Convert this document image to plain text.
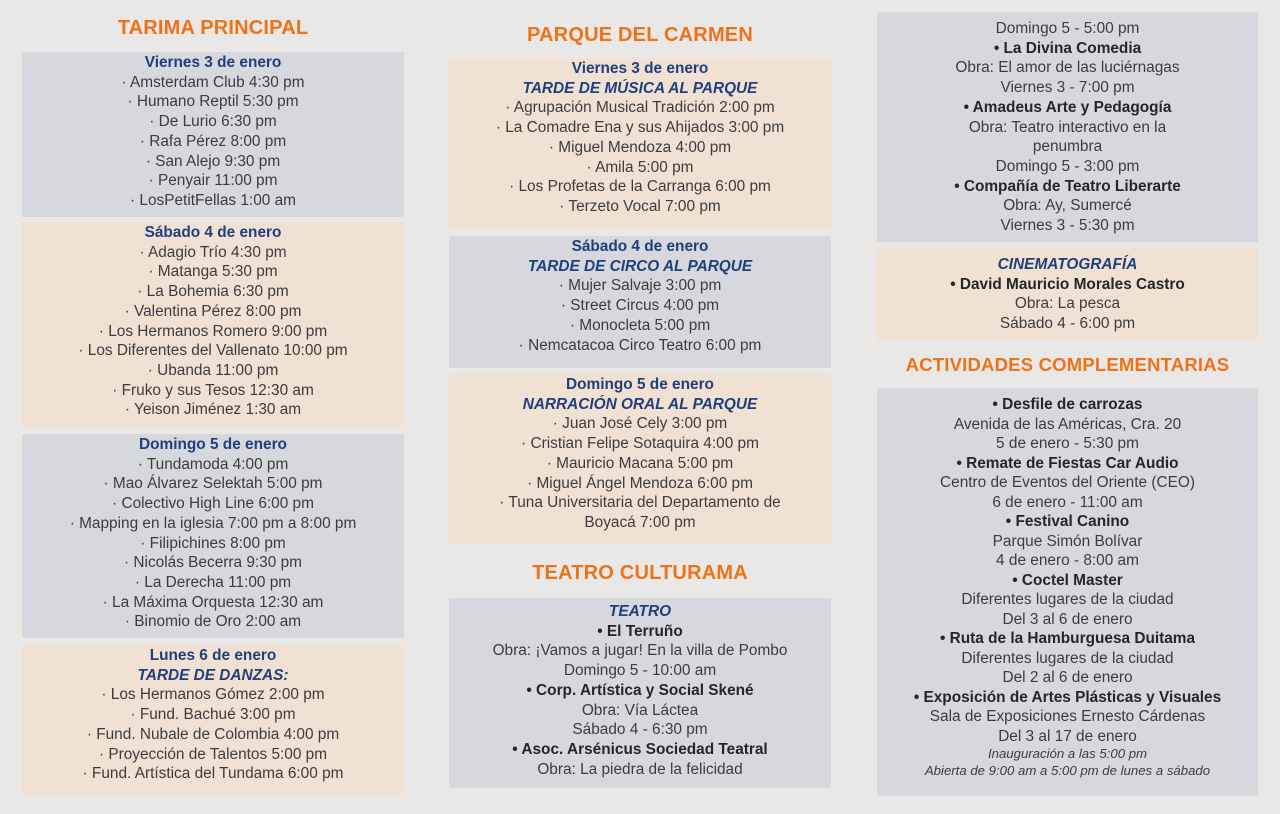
TARIMA PRINCIPAL
Viernes 3 de enero
· Amsterdam Club 4:30 pm
· Humano Reptil 5:30 pm
· De Lurio 6:30 pm
· Rafa Pérez 8:00 pm
· San Alejo 9:30 pm
· Penyair 11:00 pm
· LosPetitFellas 1:00 am
Sábado 4 de enero
· Adagio Trío 4:30 pm
· Matanga 5:30 pm
· La Bohemia 6:30 pm
· Valentina Pérez 8:00 pm
· Los Hermanos Romero 9:00 pm
· Los Diferentes del Vallenato 10:00 pm
· Ubanda 11:00 pm
· Fruko y sus Tesos 12:30 am
· Yeison Jiménez 1:30 am
Domingo 5 de enero
· Tundamoda 4:00 pm
· Mao Álvarez Selektah 5:00 pm
· Colectivo High Line 6:00 pm
· Mapping en la iglesia 7:00 pm a 8:00 pm
· Filipichines 8:00 pm
· Nicolás Becerra 9:30 pm
· La Derecha 11:00 pm
· La Máxima Orquesta 12:30 am
· Binomio de Oro 2:00 am
Lunes 6 de enero
TARDE DE DANZAS:
· Los Hermanos Gómez 2:00 pm
· Fund. Bachué 3:00 pm
· Fund. Nubale de Colombia 4:00 pm
· Proyección de Talentos 5:00 pm
· Fund. Artística del Tundama 6:00 pm
PARQUE DEL CARMEN
Viernes 3 de enero
TARDE DE MÚSICA AL PARQUE
· Agrupación Musical Tradición 2:00 pm
· La Comadre Ena y sus Ahijados 3:00 pm
· Miguel Mendoza 4:00 pm
· Amila 5:00 pm
· Los Profetas de la Carranga 6:00 pm
· Terzeto Vocal 7:00 pm
Sábado 4 de enero
TARDE DE CIRCO AL PARQUE
· Mujer Salvaje 3:00 pm
· Street Circus 4:00 pm
· Monocleta 5:00 pm
· Nemcatacoa Circo Teatro 6:00 pm
Domingo 5 de enero
NARRACIÓN ORAL AL PARQUE
· Juan José Cely 3:00 pm
· Cristian Felipe Sotaquira 4:00 pm
· Mauricio Macana 5:00 pm
· Miguel Ángel Mendoza 6:00 pm
· Tuna Universitaria del Departamento de
Boyacá 7:00 pm
TEATRO CULTURAMA
TEATRO
• El Terruño
Obra: ¡Vamos a jugar! En la villa de Pombo
Domingo 5 - 10:00 am
• Corp. Artística y Social Skené
Obra: Vía Láctea
Sábado 4 - 6:30 pm
• Asoc. Arsénicus Sociedad Teatral
Obra: La piedra de la felicidad
Domingo 5 - 5:00 pm
• La Divina Comedia
Obra: El amor de las luciérnagas
Viernes 3 - 7:00 pm
• Amadeus Arte y Pedagogía
Obra: Teatro interactivo en la
penumbra
Domingo 5 - 3:00 pm
• Compañía de Teatro Liberarte
Obra: Ay, Sumercé
Viernes 3 - 5:30 pm
CINEMATOGRAFÍA
• David Mauricio Morales Castro
Obra: La pesca
Sábado 4 - 6:00 pm
ACTIVIDADES COMPLEMENTARIAS
• Desfile de carrozas
Avenida de las Américas, Cra. 20
5 de enero - 5:30 pm
• Remate de Fiestas Car Audio
Centro de Eventos del Oriente (CEO)
6 de enero - 11:00 am
• Festival Canino
Parque Simón Bolívar
4 de enero - 8:00 am
• Coctel Master
Diferentes lugares de la ciudad
Del 3 al 6 de enero
• Ruta de la Hamburguesa Duitama
Diferentes lugares de la ciudad
Del 2 al 6 de enero
• Exposición de Artes Plásticas y Visuales
Sala de Exposiciones Ernesto Cárdenas
Del 3 al 17 de enero
Inauguración a las 5:00 pm
Abierta de 9:00 am a 5:00 pm de lunes a sábado
